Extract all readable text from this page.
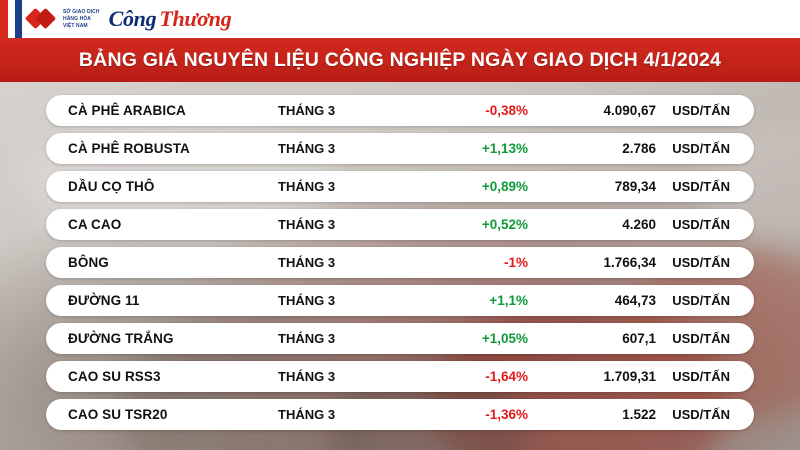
SỞ GIAO DỊCH
HÀNG HÓA
VIỆT NAM Công Thương
BẢNG GIÁ NGUYÊN LIỆU CÔNG NGHIỆP NGÀY GIAO DỊCH 4/1/2024
CÀ PHÊ ARABICA	THÁNG 3	-0,38%	4.090,67	USD/TẤN
CÀ PHÊ ROBUSTA	THÁNG 3	+1,13%	2.786	USD/TẤN
DẦU CỌ THÔ	THÁNG 3	+0,89%	789,34	USD/TẤN
CA CAO	THÁNG 3	+0,52%	4.260	USD/TẤN
BÔNG	THÁNG 3	-1%	1.766,34	USD/TẤN
ĐƯỜNG 11	THÁNG 3	+1,1%	464,73	USD/TẤN
ĐƯỜNG TRẮNG	THÁNG 3	+1,05%	607,1	USD/TẤN
CAO SU RSS3	THÁNG 3	-1,64%	1.709,31	USD/TẤN
CAO SU TSR20	THÁNG 3	-1,36%	1.522	USD/TẤN
